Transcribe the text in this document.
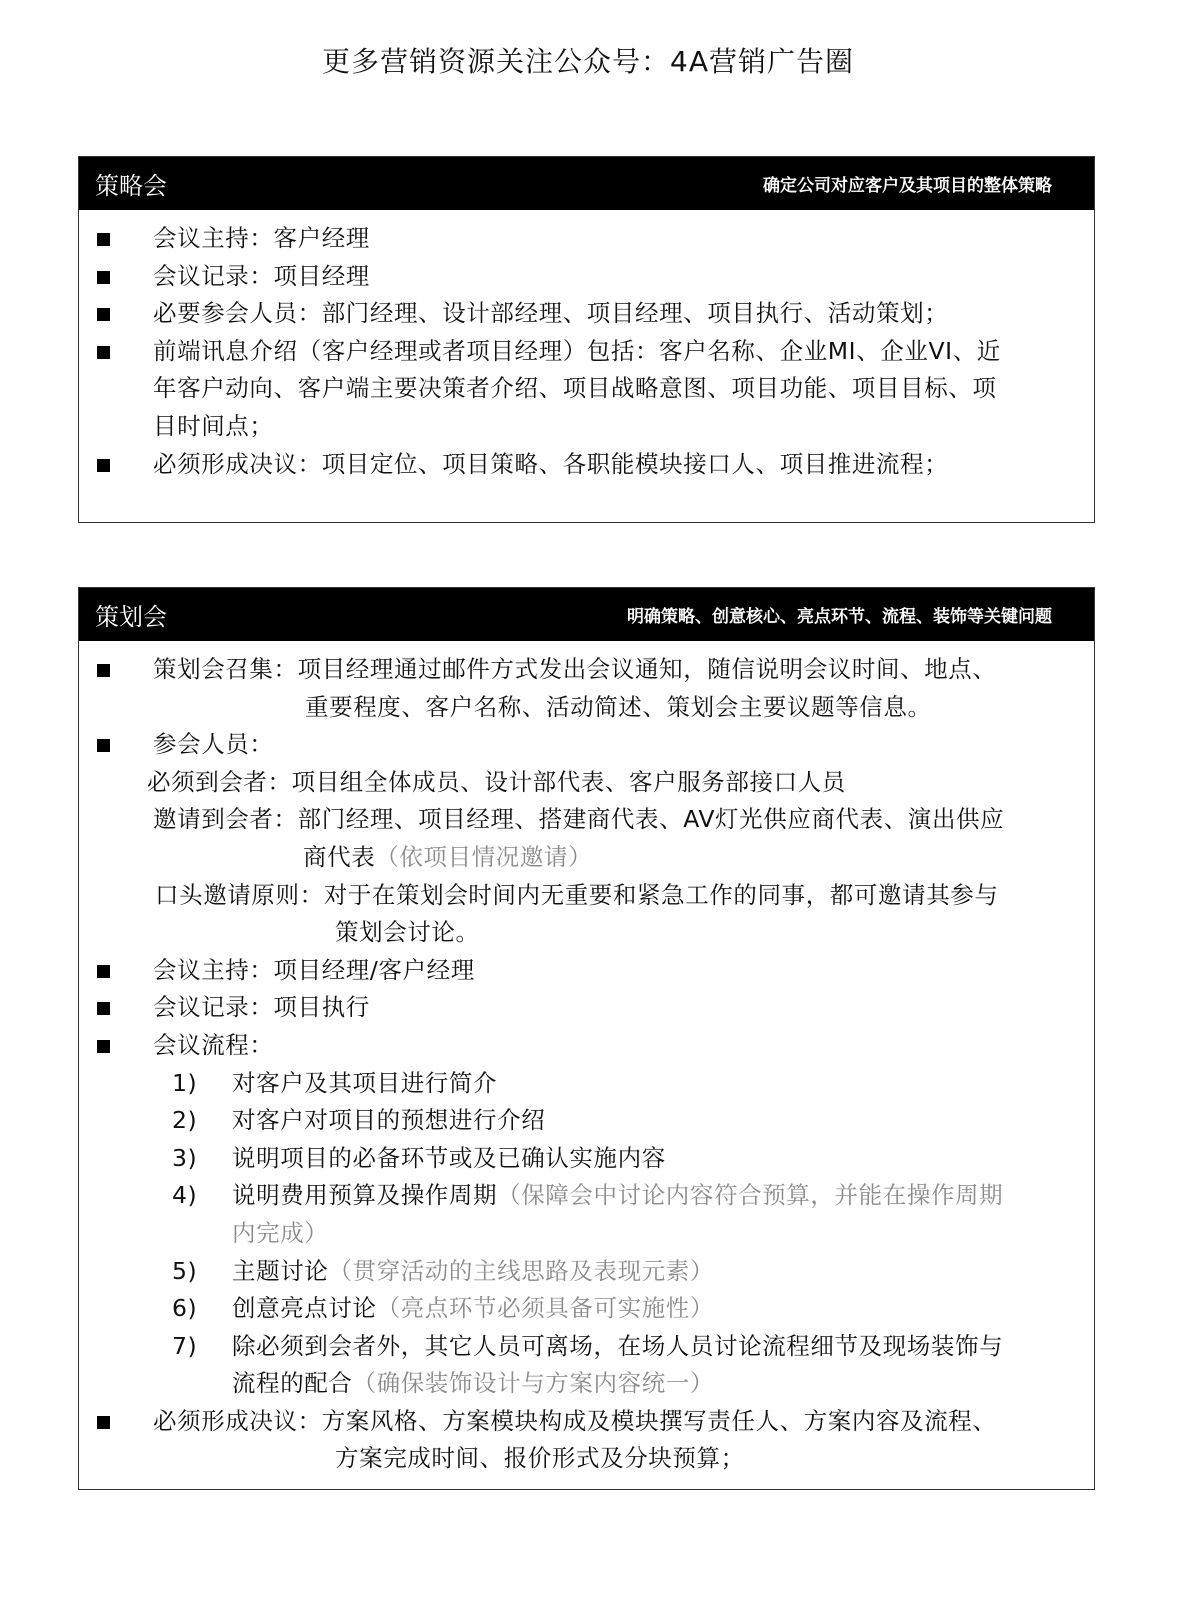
更多营销资源关注公众号：4A营销广告圈
策略会	确定公司对应客户及其项目的整体策略
会议主持：客户经理
会议记录：项目经理
必要参会人员：部门经理、设计部经理、项目经理、项目执行、活动策划；
前端讯息介绍（客户经理或者项目经理）包括：客户名称、企业MI、企业VI、近
年客户动向、客户端主要决策者介绍、项目战略意图、项目功能、项目目标、项
目时间点；
必须形成决议：项目定位、项目策略、各职能模块接口人、项目推进流程；
策划会	明确策略、创意核心、亮点环节、流程、装饰等关键问题
策划会召集：项目经理通过邮件方式发出会议通知，随信说明会议时间、地点、
重要程度、客户名称、活动简述、策划会主要议题等信息。
参会人员：
必须到会者：项目组全体成员、设计部代表、客户服务部接口人员
邀请到会者：部门经理、项目经理、搭建商代表、AV灯光供应商代表、演出供应
商代表（依项目情况邀请）
口头邀请原则：对于在策划会时间内无重要和紧急工作的同事，都可邀请其参与
策划会讨论。
会议主持：项目经理/客户经理
会议记录：项目执行
会议流程：
1) 对客户及其项目进行简介
2) 对客户对项目的预想进行介绍
3) 说明项目的必备环节或及已确认实施内容
4) 说明费用预算及操作周期（保障会中讨论内容符合预算，并能在操作周期
内完成）
5) 主题讨论（贯穿活动的主线思路及表现元素）
6) 创意亮点讨论（亮点环节必须具备可实施性）
7) 除必须到会者外，其它人员可离场，在场人员讨论流程细节及现场装饰与
流程的配合（确保装饰设计与方案内容统一）
必须形成决议：方案风格、方案模块构成及模块撰写责任人、方案内容及流程、
方案完成时间、报价形式及分块预算；
